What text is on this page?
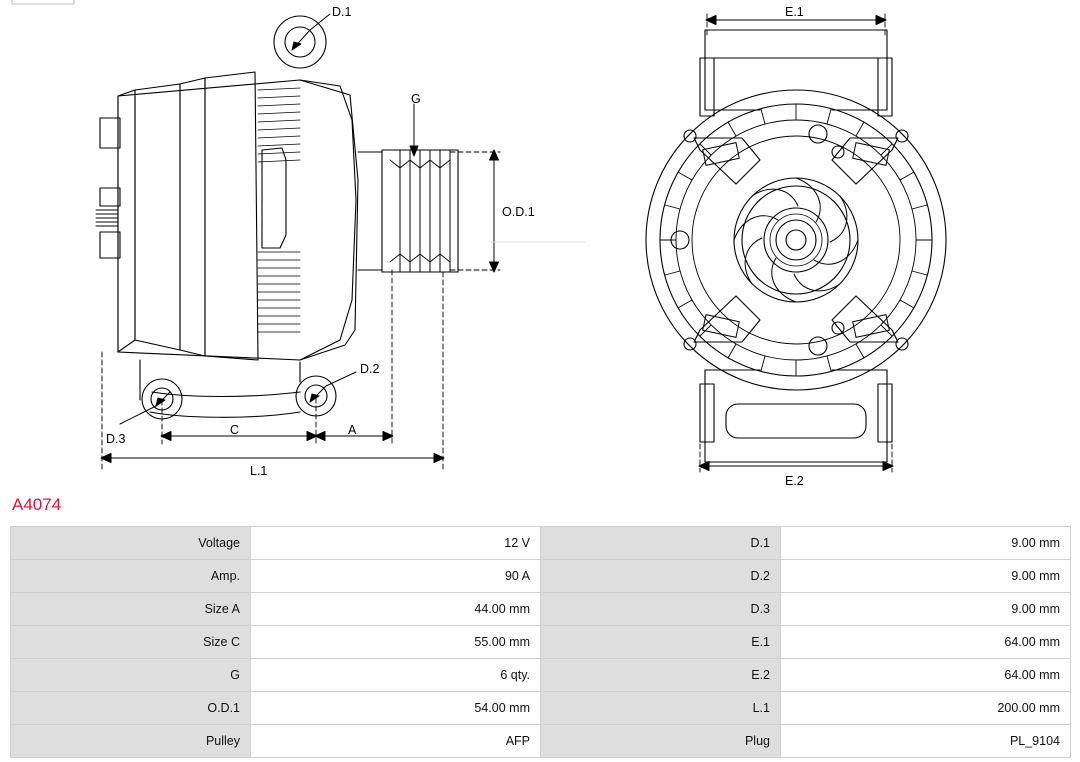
D.1
G
O.D.1
D.2
D.3
C	A
L.1
E.1
E.2
A4074
Voltage	12 V	D.1	9.00 mm
Amp.	90 A	D.2	9.00 mm
Size A	44.00 mm	D.3	9.00 mm
Size C	55.00 mm	E.1	64.00 mm
G	6 qty.	E.2	64.00 mm
O.D.1	54.00 mm	L.1	200.00 mm
Pulley	AFP	Plug	PL_9104
